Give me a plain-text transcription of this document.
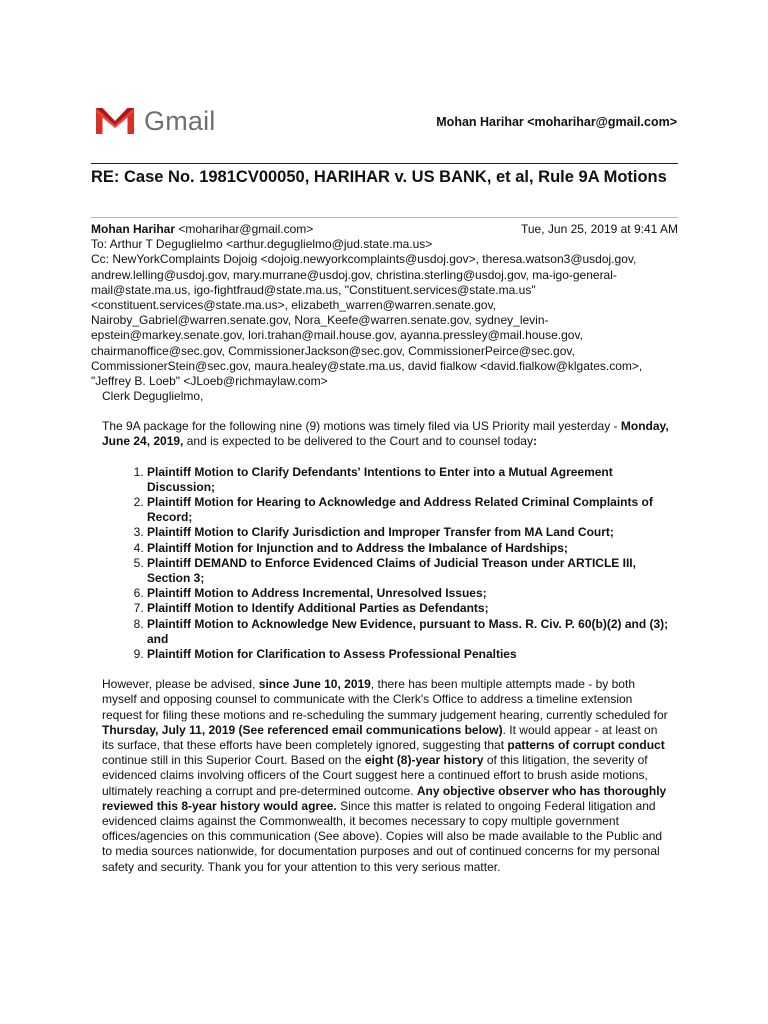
Gmail	Mohan Harihar <moharihar@gmail.com>
RE: Case No. 1981CV00050, HARIHAR v. US BANK, et al, Rule 9A Motions
Mohan Harihar <moharihar@gmail.com>	Tue, Jun 25, 2019 at 9:41 AM

To: Arthur T Deguglielmo <arthur.deguglielmo@jud.state.ma.us>

Cc: NewYorkComplaints Dojoig <dojoig.newyorkcomplaints@usdoj.gov>, theresa.watson3@usdoj.gov, andrew.lelling@usdoj.gov, mary.murrane@usdoj.gov, christina.sterling@usdoj.gov, ma-igo-general-mail@state.ma.us, igo-fightfraud@state.ma.us, "Constituent.services@state.ma.us" <constituent.services@state.ma.us>, elizabeth_warren@warren.senate.gov, Nairoby_Gabriel@warren.senate.gov, Nora_Keefe@warren.senate.gov, sydney_levin-epstein@markey.senate.gov, lori.trahan@mail.house.gov, ayanna.pressley@mail.house.gov, chairmanoffice@sec.gov, CommissionerJackson@sec.gov, CommissionerPeirce@sec.gov, CommissionerStein@sec.gov, maura.healey@state.ma.us, david fialkow <david.fialkow@klgates.com>, "Jeffrey B. Loeb" <JLoeb@richmaylaw.com>

Clerk Deguglielmo,

The 9A package for the following nine (9) motions was timely filed via US Priority mail yesterday - Monday, June 24, 2019, and is expected to be delivered to the Court and to counsel today:

1. Plaintiff Motion to Clarify Defendants' Intentions to Enter into a Mutual Agreement Discussion;
2. Plaintiff Motion for Hearing to Acknowledge and Address Related Criminal Complaints of Record;
3. Plaintiff Motion to Clarify Jurisdiction and Improper Transfer from MA Land Court;
4. Plaintiff Motion for Injunction and to Address the Imbalance of Hardships;
5. Plaintiff DEMAND to Enforce Evidenced Claims of Judicial Treason under ARTICLE III, Section 3;
6. Plaintiff Motion to Address Incremental, Unresolved Issues;
7. Plaintiff Motion to Identify Additional Parties as Defendants;
8. Plaintiff Motion to Acknowledge New Evidence, pursuant to Mass. R. Civ. P. 60(b)(2) and (3); and
9. Plaintiff Motion for Clarification to Assess Professional Penalties

However, please be advised, since June 10, 2019, there has been multiple attempts made - by both myself and opposing counsel to communicate with the Clerk's Office to address a timeline extension request for filing these motions and re-scheduling the summary judgement hearing, currently scheduled for Thursday, July 11, 2019 (See referenced email communications below). It would appear - at least on its surface, that these efforts have been completely ignored, suggesting that patterns of corrupt conduct continue still in this Superior Court. Based on the eight (8)-year history of this litigation, the severity of evidenced claims involving officers of the Court suggest here a continued effort to brush aside motions, ultimately reaching a corrupt and pre-determined outcome. Any objective observer who has thoroughly reviewed this 8-year history would agree. Since this matter is related to ongoing Federal litigation and evidenced claims against the Commonwealth, it becomes necessary to copy multiple government offices/agencies on this communication (See above). Copies will also be made available to the Public and to media sources nationwide, for documentation purposes and out of continued concerns for my personal safety and security. Thank you for your attention to this very serious matter.
